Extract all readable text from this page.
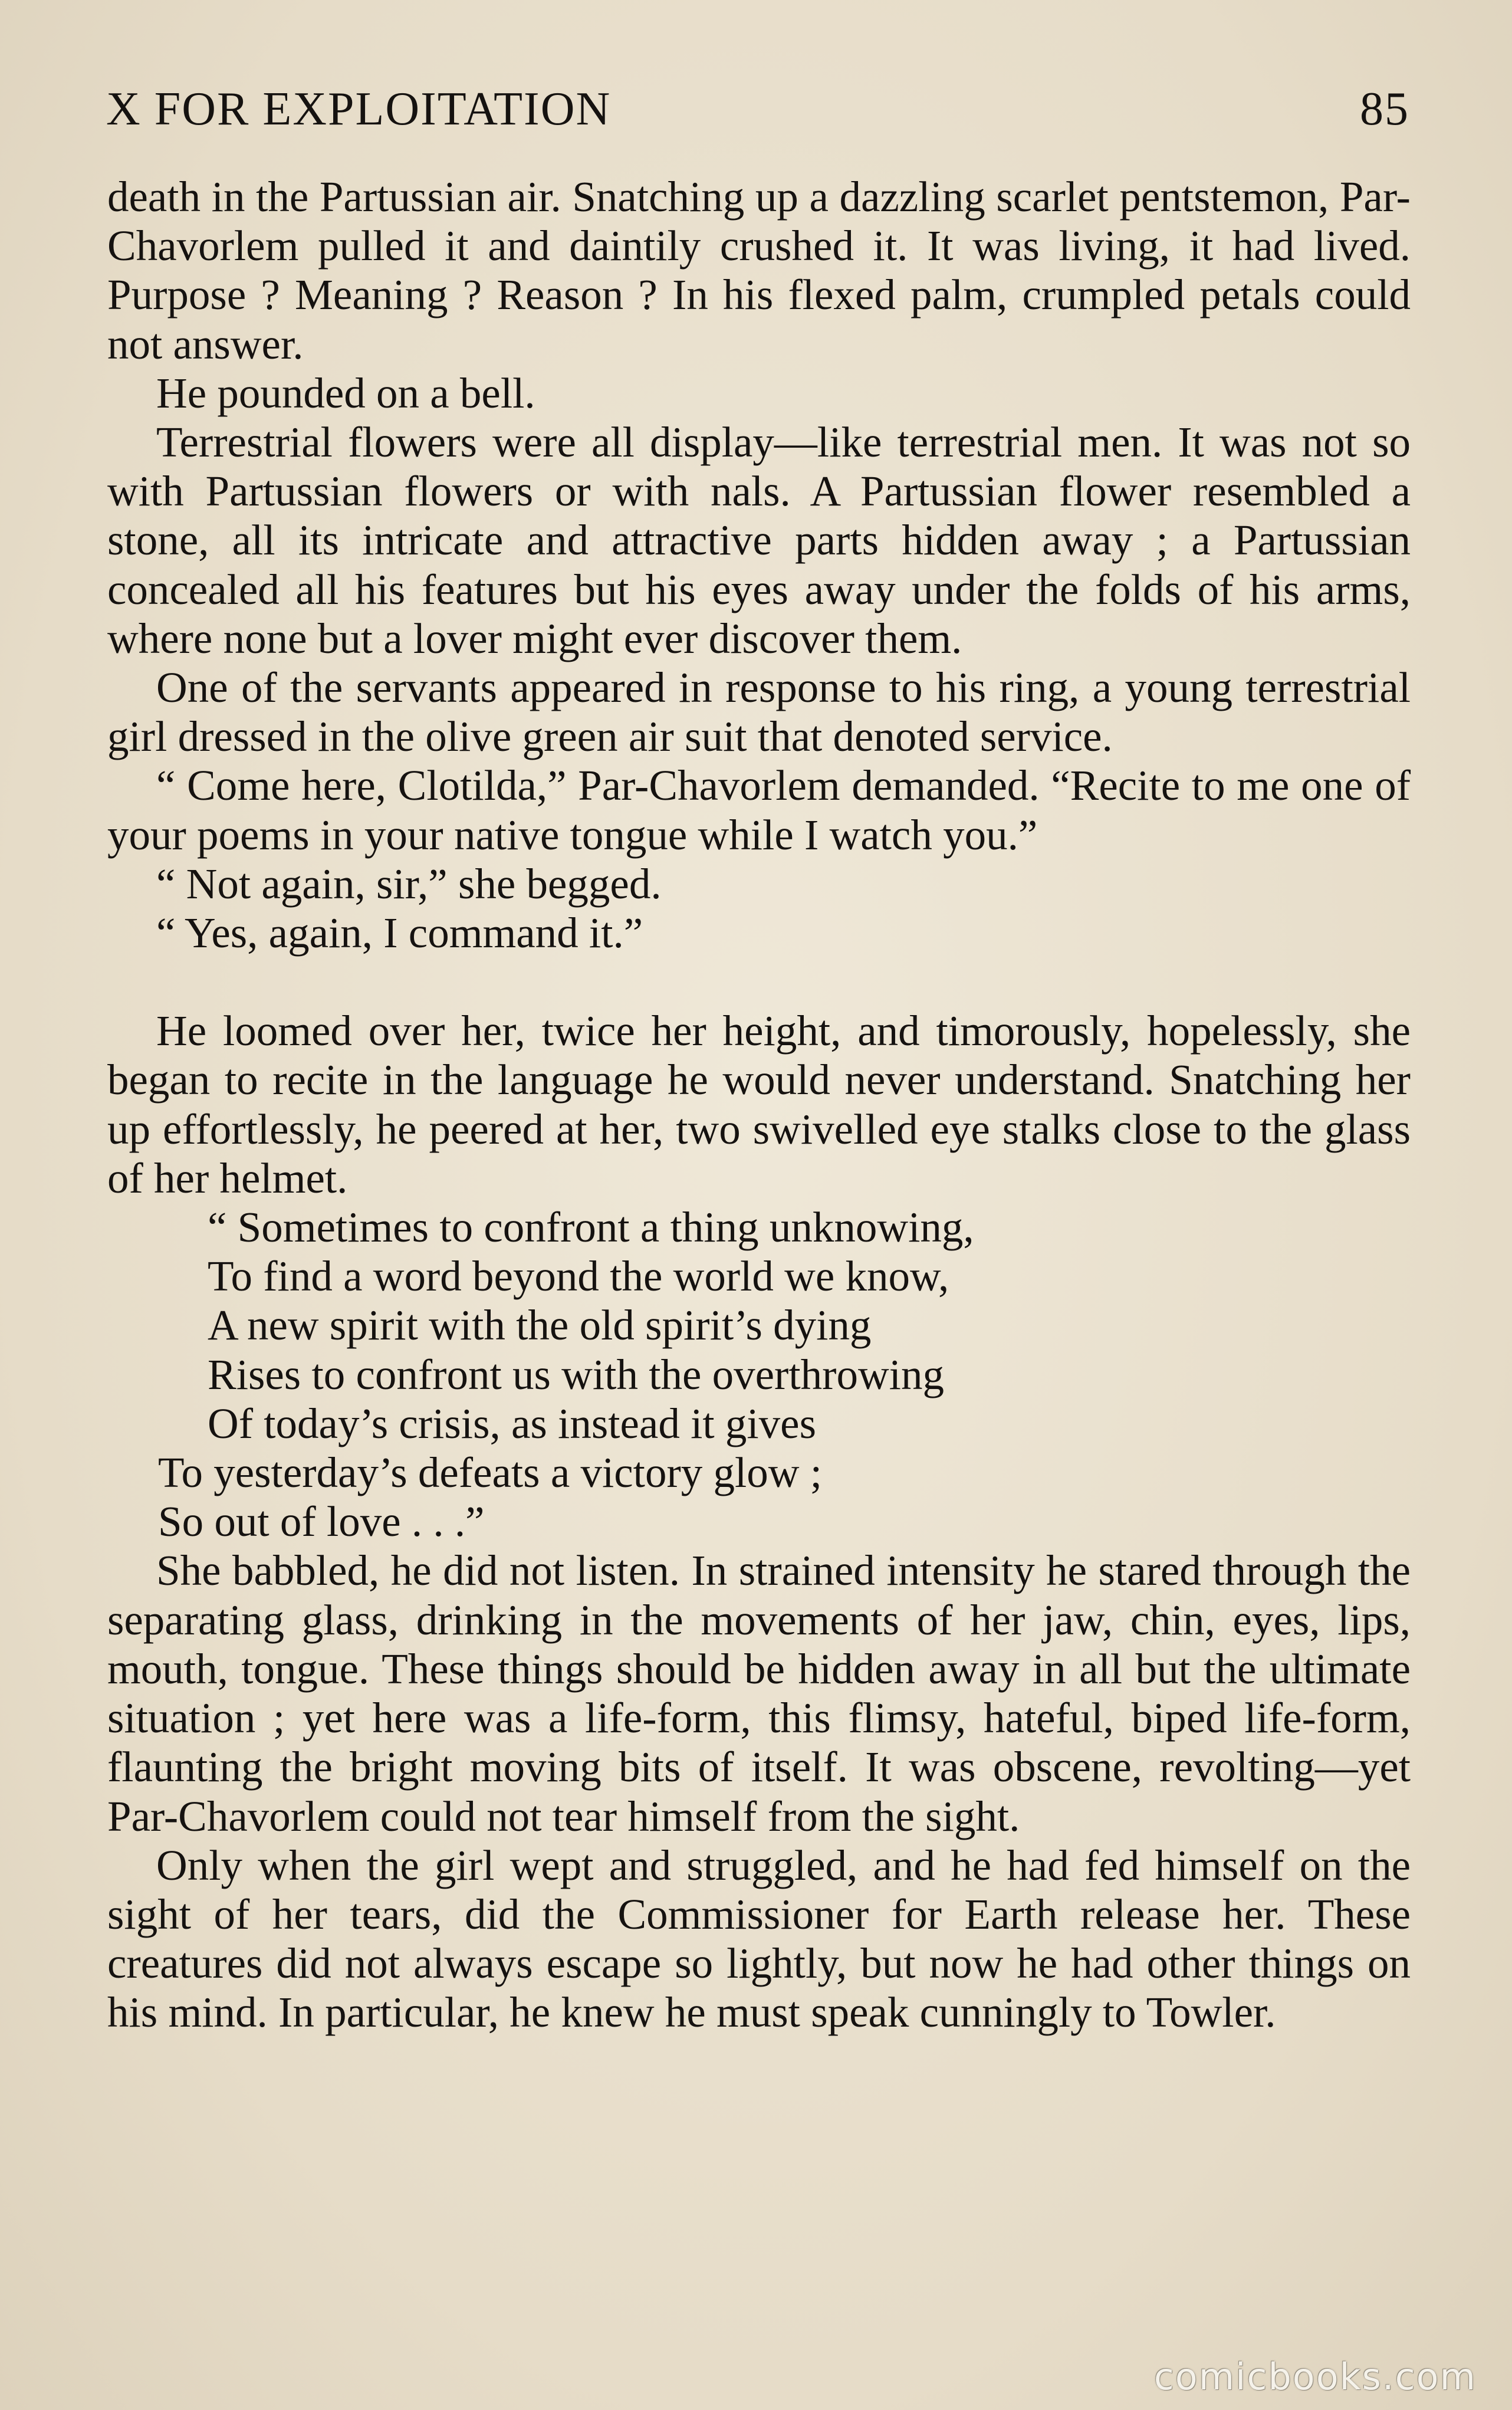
X FOR EXPLOITATION	85

death in the Partussian air. Snatching up a dazzling scarlet pentstemon, Par-Chavorlem pulled it and daintily crushed it. It was living, it had lived. Purpose ? Meaning ? Reason ? In his flexed palm, crumpled petals could not answer.

He pounded on a bell.

Terrestrial flowers were all display—like terrestrial men. It was not so with Partussian flowers or with nals. A Partussian flower resembled a stone, all its intricate and attractive parts hidden away ; a Partussian concealed all his features but his eyes away under the folds of his arms, where none but a lover might ever discover them.

One of the servants appeared in response to his ring, a young terrestrial girl dressed in the olive green air suit that denoted service.

“ Come here, Clotilda,” Par-Chavorlem demanded. “Recite to me one of your poems in your native tongue while I watch you.”

“ Not again, sir,” she begged.

“ Yes, again, I command it.”

He loomed over her, twice her height, and timorously, hopelessly, she began to recite in the language he would never understand. Snatching her up effortlessly, he peered at her, two swivelled eye stalks close to the glass of her helmet.

“ Sometimes to confront a thing unknowing,
To find a word beyond the world we know,
A new spirit with the old spirit’s dying
Rises to confront us with the overthrowing
Of today’s crisis, as instead it gives
To yesterday’s defeats a victory glow ;
So out of love . . .”

She babbled, he did not listen. In strained intensity he stared through the separating glass, drinking in the movements of her jaw, chin, eyes, lips, mouth, tongue. These things should be hidden away in all but the ultimate situation ; yet here was a life-form, this flimsy, hateful, biped life-form, flaunting the bright moving bits of itself. It was obscene, revolting—yet Par-Chavorlem could not tear himself from the sight.

Only when the girl wept and struggled, and he had fed himself on the sight of her tears, did the Commissioner for Earth release her. These creatures did not always escape so lightly, but now he had other things on his mind. In particular, he knew he must speak cunningly to Towler.

comicbooks.com
